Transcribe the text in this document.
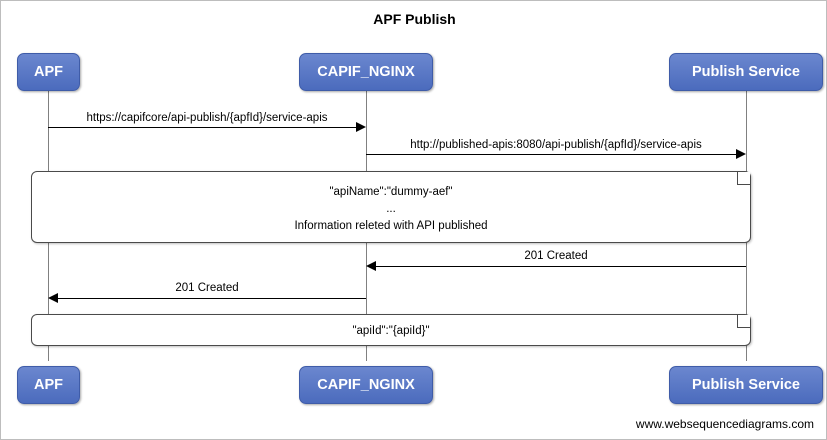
APF Publish
APF	CAPIF_NGINX	Publish Service
https://capifcore/api-publish/{apfId}/service-apis
http://published-apis:8080/api-publish/{apfId}/service-apis
"apiName":"dummy-aef"
...
Information releted with API published
201 Created
201 Created
"apiId":"{apiId}"
APF	CAPIF_NGINX	Publish Service
www.websequencediagrams.com
